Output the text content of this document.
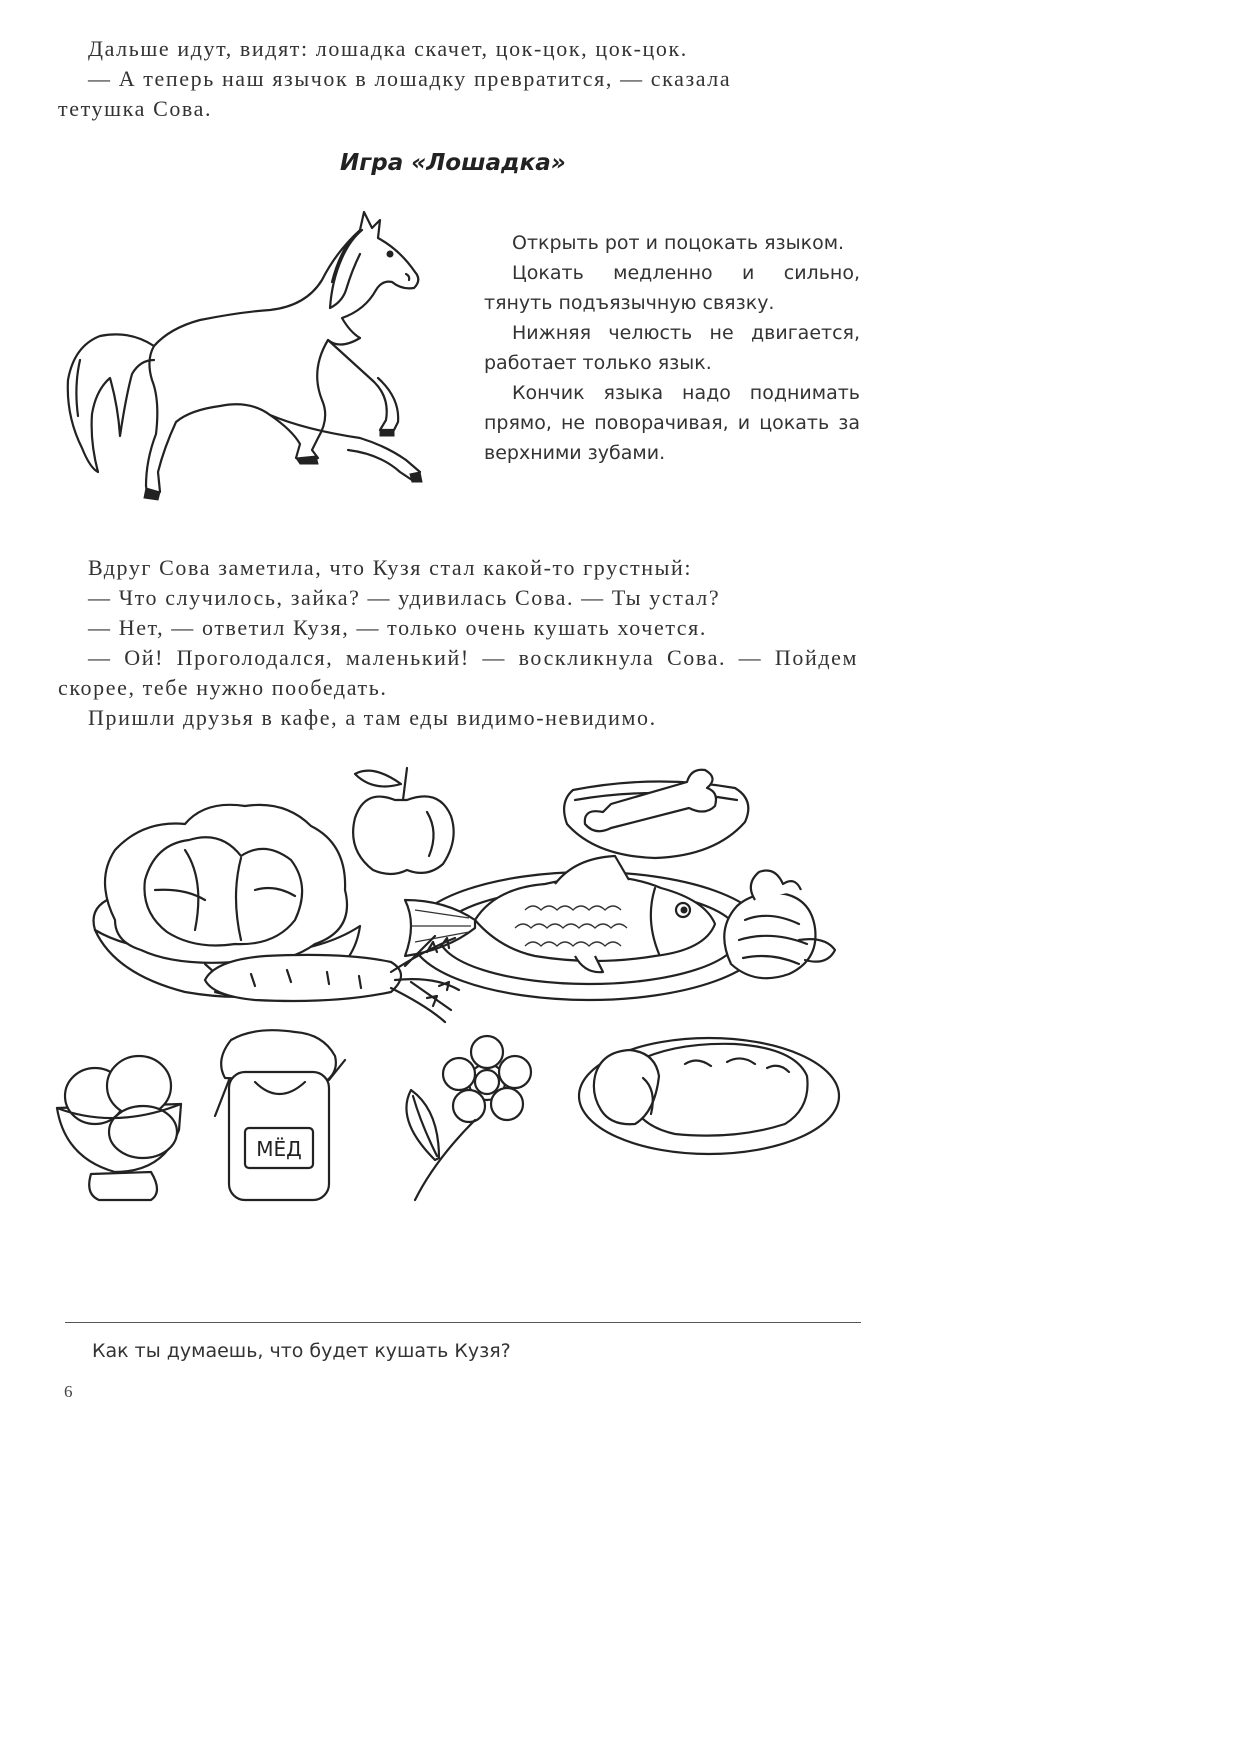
Дальше идут, видят: лошадка скачет, цок-цок, цок-цок.

— А теперь наш язычок в лошадку превратится, — сказала

тетушка Сова.

Игра «Лошадка»

Открыть рот и поцокать языком.

Цокать медленно и сильно, тянуть подъязычную связку.

Нижняя челюсть не двигается, работает только язык.

Кончик языка надо поднимать прямо, не поворачивая, и цокать за верхними зубами.

Вдруг Сова заметила, что Кузя стал какой-то грустный:

— Что случилось, зайка? — удивилась Сова. — Ты устал?

— Нет, — ответил Кузя, — только очень кушать хочется.

— Ой! Проголодался, маленький! — воскликнула Сова. — Пойдем скорее, тебе нужно пообедать.

Пришли друзья в кафе, а там еды видимо-невидимо.

МЁД
Как ты думаешь, что будет кушать Кузя?
6
